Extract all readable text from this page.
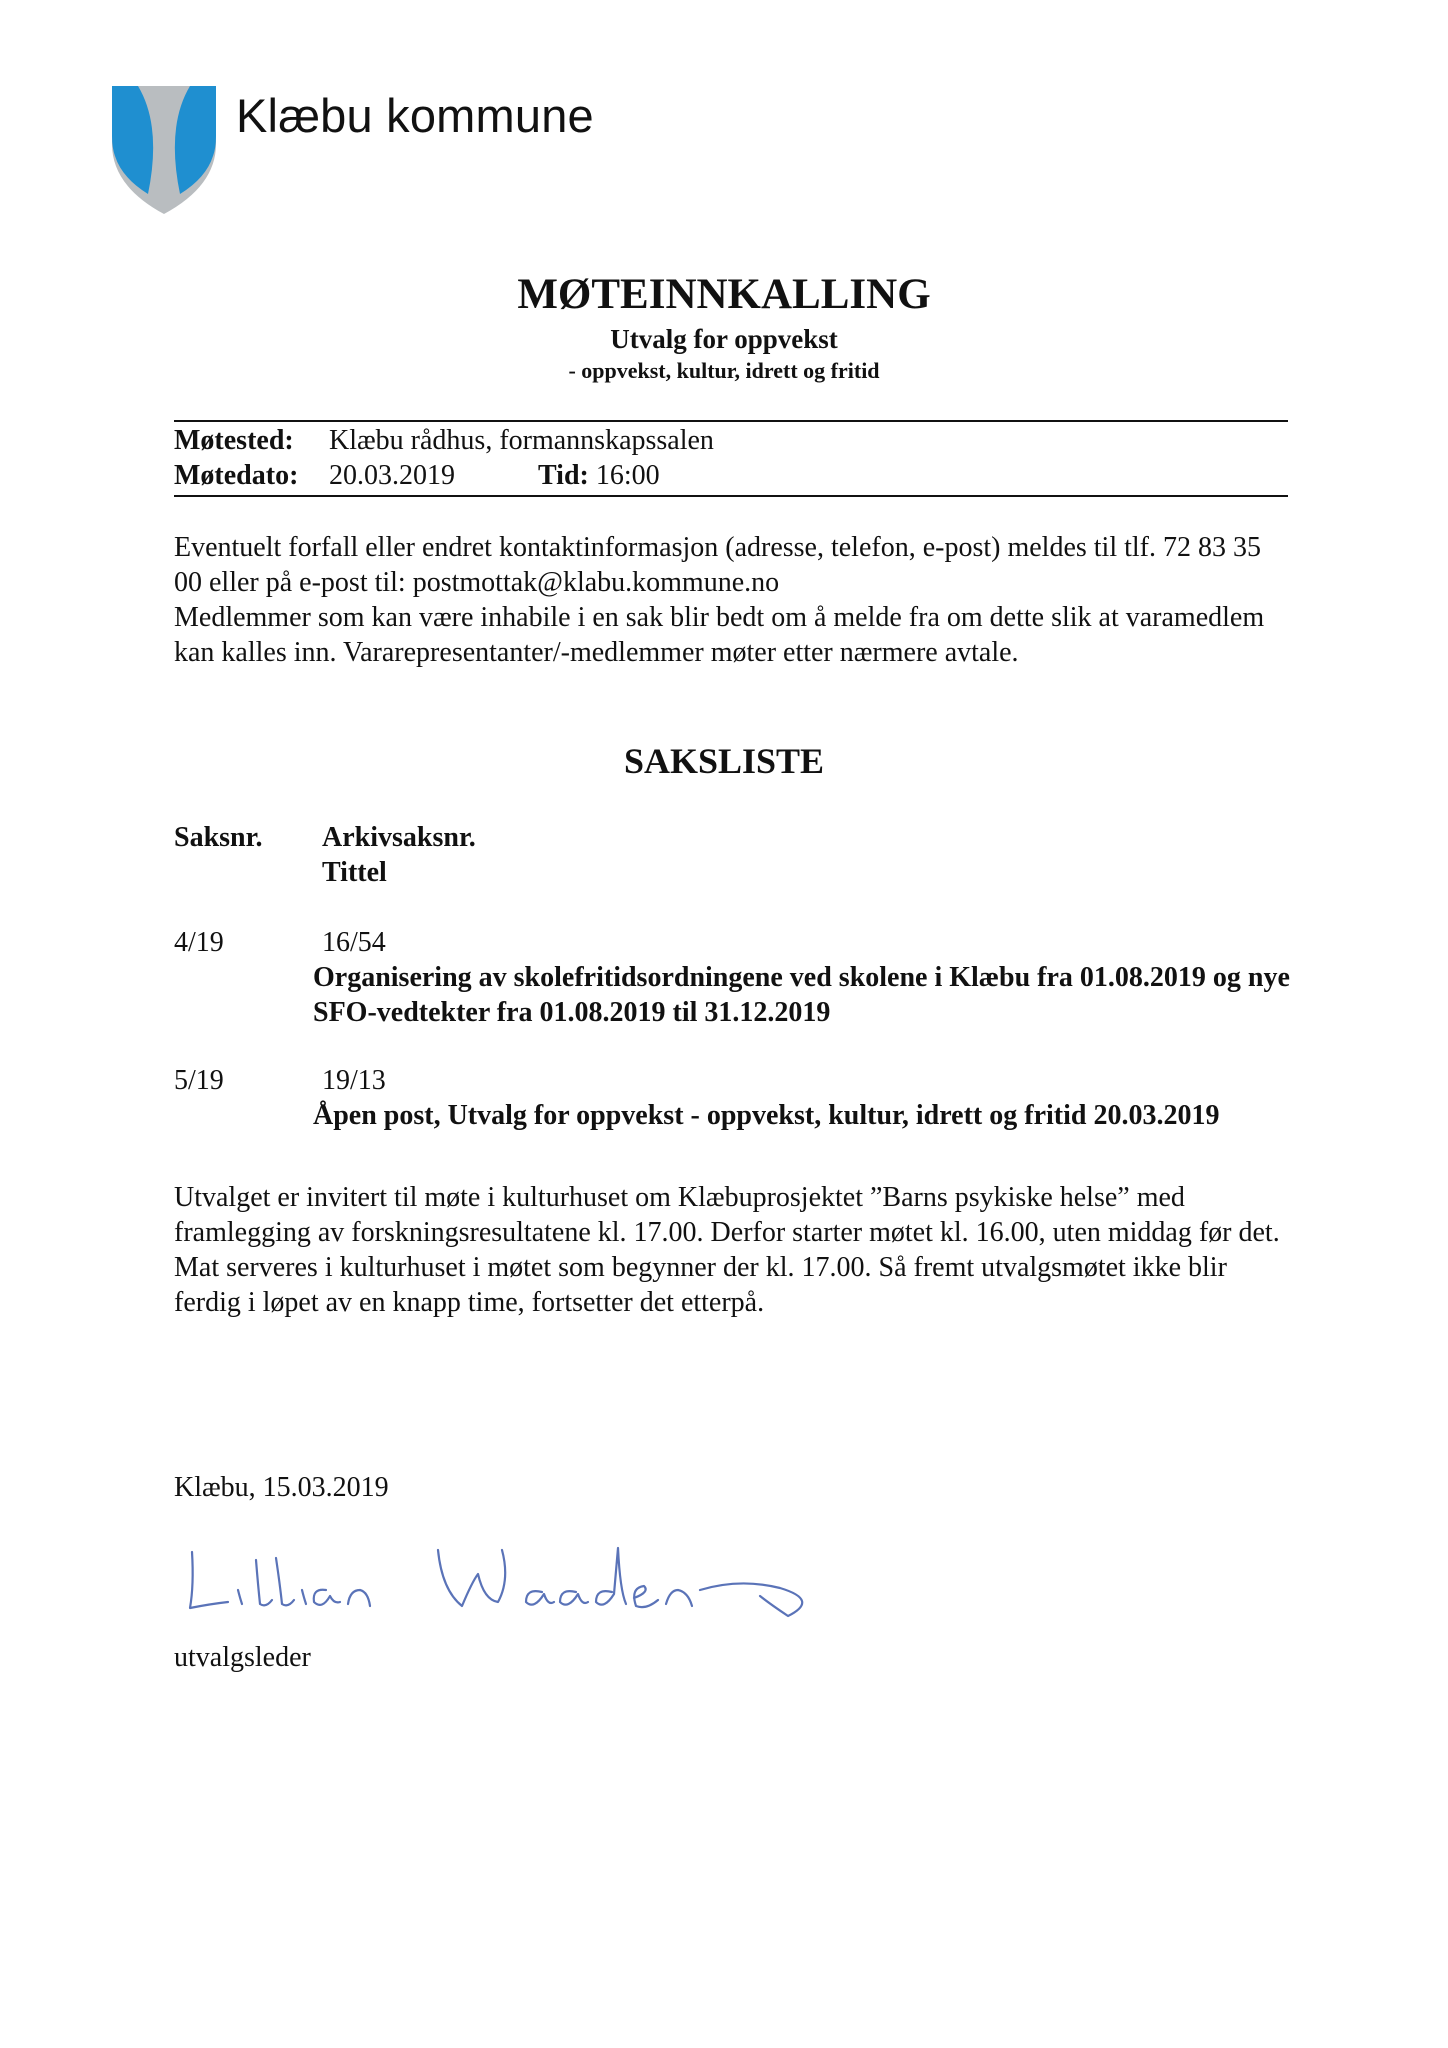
Klæbu kommune
MØTEINNKALLING
Utvalg for oppvekst
- oppvekst, kultur, idrett og fritid
Møtested: Klæbu rådhus, formannskapssalen
Møtedato: 20.03.2019	Tid: 16:00

Eventuelt forfall eller endret kontaktinformasjon (adresse, telefon, e-post) meldes til tlf. 72 83 35 00 eller på e-post til: postmottak@klabu.kommune.no

Medlemmer som kan være inhabile i en sak blir bedt om å melde fra om dette slik at varamedlem kan kalles inn. Vararepresentanter/-medlemmer møter etter nærmere avtale.

SAKSLISTE
Saksnr. Arkivsaksnr.
Tittel
4/19	16/54
Organisering av skolefritidsordningene ved skolene i Klæbu fra 01.08.2019 og nye SFO-vedtekter fra 01.08.2019 til 31.12.2019
5/19	19/13
Åpen post, Utvalg for oppvekst - oppvekst, kultur, idrett og fritid 20.03.2019

Utvalget er invitert til møte i kulturhuset om Klæbuprosjektet ”Barns psykiske helse” med framlegging av forskningsresultatene kl. 17.00. Derfor starter møtet kl. 16.00, uten middag før det. Mat serveres i kulturhuset i møtet som begynner der kl. 17.00. Så fremt utvalgsmøtet ikke blir ferdig i løpet av en knapp time, fortsetter det etterpå.

Klæbu, 15.03.2019
utvalgsleder
